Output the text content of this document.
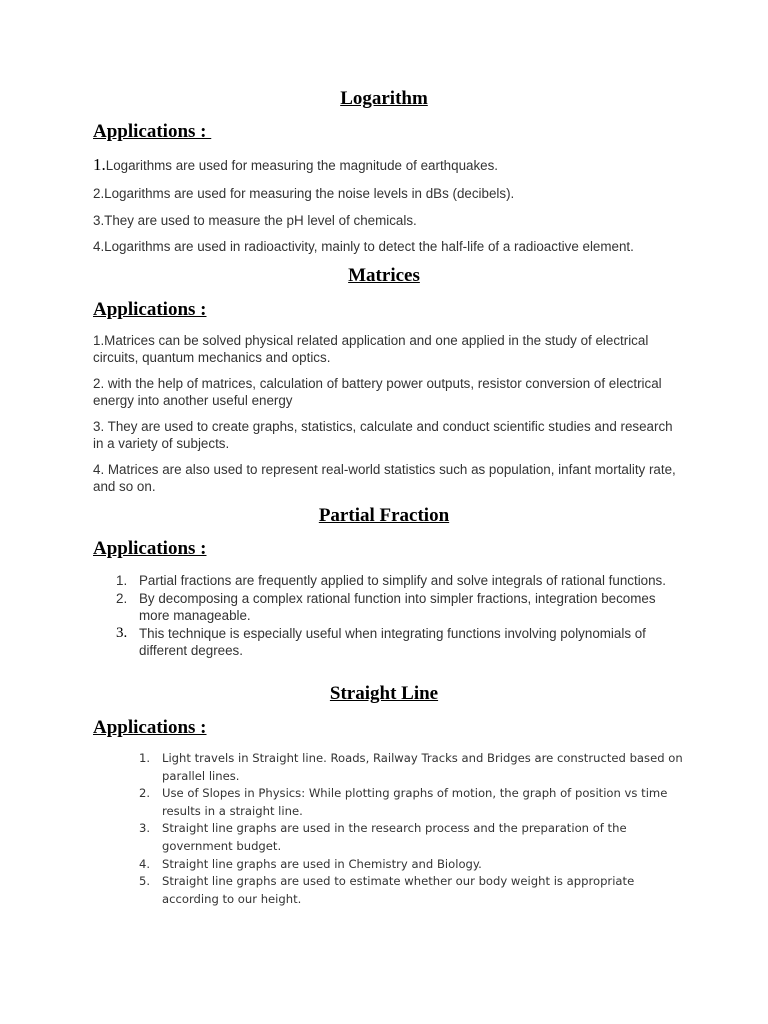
Logarithm
Applications :

1.Logarithms are used for measuring the magnitude of earthquakes.

2.Logarithms are used for measuring the noise levels in dBs (decibels).

3.They are used to measure the pH level of chemicals.

4.Logarithms are used in radioactivity, mainly to detect the half-life of a radioactive element.

Matrices
Applications :

1.Matrices can be solved physical related application and one applied in the study of electrical circuits, quantum mechanics and optics.

2. with the help of matrices, calculation of battery power outputs, resistor conversion of electrical energy into another useful energy

3. They are used to create graphs, statistics, calculate and conduct scientific studies and research in a variety of subjects.

4. Matrices are also used to represent real-world statistics such as population, infant mortality rate, and so on.

Partial Fraction
Applications :
1. Partial fractions are frequently applied to simplify and solve integrals of rational functions.
2. By decomposing a complex rational function into simpler fractions, integration becomes more manageable.
3. This technique is especially useful when integrating functions involving polynomials of different degrees.
Straight Line
Applications :
1. Light travels in Straight line. Roads, Railway Tracks and Bridges are constructed based on parallel lines.
2. Use of Slopes in Physics: While plotting graphs of motion, the graph of position vs time results in a straight line.
3. Straight line graphs are used in the research process and the preparation of the government budget.
4. Straight line graphs are used in Chemistry and Biology.
5. Straight line graphs are used to estimate whether our body weight is appropriate according to our height.
